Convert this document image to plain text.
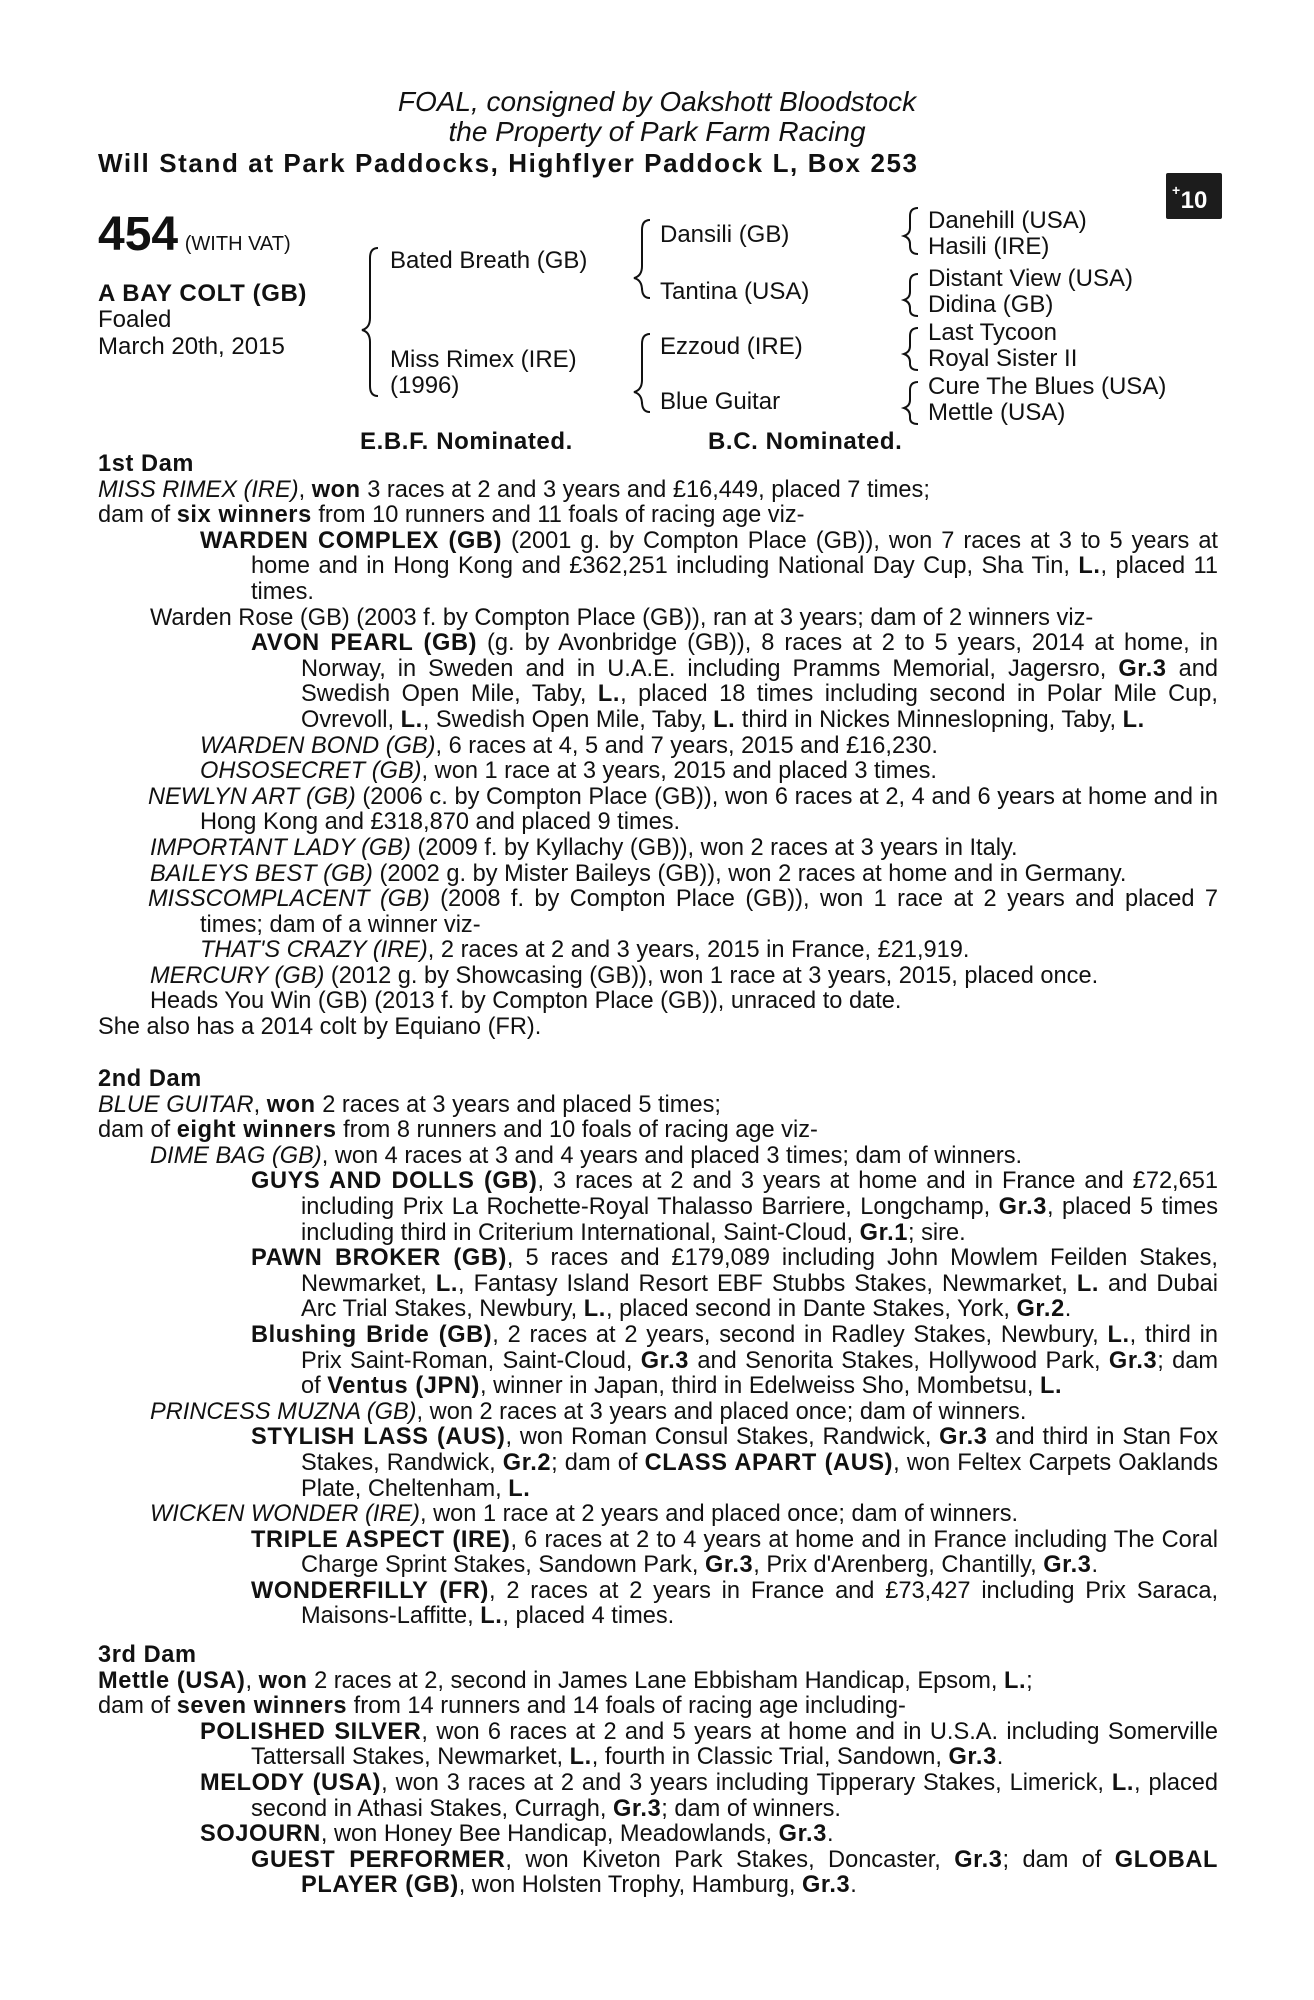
FOAL, consigned by Oakshott Bloodstock
the Property of Park Farm Racing
Will Stand at Park Paddocks, Highflyer Paddock L, Box 253
+ 10
454 (WITH VAT)
A BAY COLT (GB)
Foaled
March 20th, 2015
Bated Breath (GB)
Miss Rimex (IRE)
(1996)
Dansili (GB)
Tantina (USA)
Ezzoud (IRE)
Blue Guitar
Danehill (USA)
Hasili (IRE)
Distant View (USA)
Didina (GB)
Last Tycoon
Royal Sister II
Cure The Blues (USA)
Mettle (USA)
E.B.F. Nominated.	B.C. Nominated.

1st Dam

MISS RIMEX (IRE), won 3 races at 2 and 3 years and £16,449, placed 7 times;

dam of six winners from 10 runners and 11 foals of racing age viz-

WARDEN COMPLEX (GB) (2001 g. by Compton Place (GB)), won 7 races at 3 to 5 years at home and in Hong Kong and £362,251 including National Day Cup, Sha Tin, L., placed 11 times.

Warden Rose (GB) (2003 f. by Compton Place (GB)), ran at 3 years; dam of 2 winners viz-

AVON PEARL (GB) (g. by Avonbridge (GB)), 8 races at 2 to 5 years, 2014 at home, in Norway, in Sweden and in U.A.E. including Pramms Memorial, Jagersro, Gr.3 and Swedish Open Mile, Taby, L., placed 18 times including second in Polar Mile Cup, Ovrevoll, L., Swedish Open Mile, Taby, L. third in Nickes Minneslopning, Taby, L.

WARDEN BOND (GB), 6 races at 4, 5 and 7 years, 2015 and £16,230.

OHSOSECRET (GB), won 1 race at 3 years, 2015 and placed 3 times.

NEWLYN ART (GB) (2006 c. by Compton Place (GB)), won 6 races at 2, 4 and 6 years at home and in Hong Kong and £318,870 and placed 9 times.

IMPORTANT LADY (GB) (2009 f. by Kyllachy (GB)), won 2 races at 3 years in Italy.

BAILEYS BEST (GB) (2002 g. by Mister Baileys (GB)), won 2 races at home and in Germany.

MISSCOMPLACENT (GB) (2008 f. by Compton Place (GB)), won 1 race at 2 years and placed 7 times; dam of a winner viz-

THAT'S CRAZY (IRE), 2 races at 2 and 3 years, 2015 in France, £21,919.

MERCURY (GB) (2012 g. by Showcasing (GB)), won 1 race at 3 years, 2015, placed once.

Heads You Win (GB) (2013 f. by Compton Place (GB)), unraced to date.

She also has a 2014 colt by Equiano (FR).

2nd Dam

BLUE GUITAR, won 2 races at 3 years and placed 5 times;

dam of eight winners from 8 runners and 10 foals of racing age viz-

DIME BAG (GB), won 4 races at 3 and 4 years and placed 3 times; dam of winners.

GUYS AND DOLLS (GB), 3 races at 2 and 3 years at home and in France and £72,651 including Prix La Rochette-Royal Thalasso Barriere, Longchamp, Gr.3, placed 5 times including third in Criterium International, Saint-Cloud, Gr.1; sire.

PAWN BROKER (GB), 5 races and £179,089 including John Mowlem Feilden Stakes, Newmarket, L., Fantasy Island Resort EBF Stubbs Stakes, Newmarket, L. and Dubai Arc Trial Stakes, Newbury, L., placed second in Dante Stakes, York, Gr.2.

Blushing Bride (GB), 2 races at 2 years, second in Radley Stakes, Newbury, L., third in Prix Saint-Roman, Saint-Cloud, Gr.3 and Senorita Stakes, Hollywood Park, Gr.3; dam of Ventus (JPN), winner in Japan, third in Edelweiss Sho, Mombetsu, L.

PRINCESS MUZNA (GB), won 2 races at 3 years and placed once; dam of winners.

STYLISH LASS (AUS), won Roman Consul Stakes, Randwick, Gr.3 and third in Stan Fox Stakes, Randwick, Gr.2; dam of CLASS APART (AUS), won Feltex Carpets Oaklands Plate, Cheltenham, L.

WICKEN WONDER (IRE), won 1 race at 2 years and placed once; dam of winners.

TRIPLE ASPECT (IRE), 6 races at 2 to 4 years at home and in France including The Coral Charge Sprint Stakes, Sandown Park, Gr.3, Prix d'Arenberg, Chantilly, Gr.3.

WONDERFILLY (FR), 2 races at 2 years in France and £73,427 including Prix Saraca, Maisons-Laffitte, L., placed 4 times.

3rd Dam

Mettle (USA), won 2 races at 2, second in James Lane Ebbisham Handicap, Epsom, L.;

dam of seven winners from 14 runners and 14 foals of racing age including-

POLISHED SILVER, won 6 races at 2 and 5 years at home and in U.S.A. including Somerville Tattersall Stakes, Newmarket, L., fourth in Classic Trial, Sandown, Gr.3.

MELODY (USA), won 3 races at 2 and 3 years including Tipperary Stakes, Limerick, L., placed second in Athasi Stakes, Curragh, Gr.3; dam of winners.

SOJOURN, won Honey Bee Handicap, Meadowlands, Gr.3.

GUEST PERFORMER, won Kiveton Park Stakes, Doncaster, Gr.3; dam of GLOBAL PLAYER (GB), won Holsten Trophy, Hamburg, Gr.3.
